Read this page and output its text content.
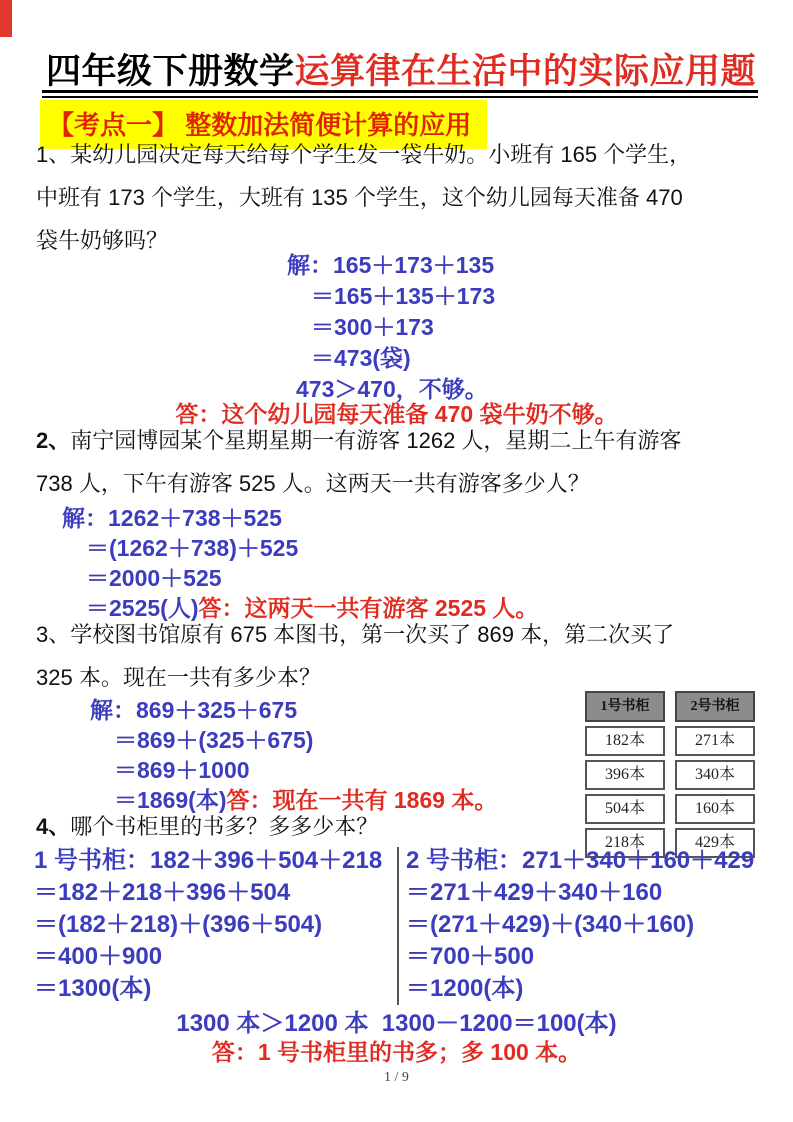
四年级下册数学运算律在生活中的实际应用题
【考点一】 整数加法简便计算的应用
1、某幼儿园决定每天给每个学生发一袋牛奶。小班有 165 个学生，
中班有 173 个学生，大班有 135 个学生，这个幼儿园每天准备 470
袋牛奶够吗？
解：165＋173＋135
＝165＋135＋173
＝300＋173
＝473(袋)
473＞470，不够。
答：这个幼儿园每天准备 470 袋牛奶不够。
2、南宁园博园某个星期星期一有游客 1262 人，星期二上午有游客
738 人，下午有游客 525 人。这两天一共有游客多少人？
解：1262＋738＋525
＝(1262＋738)＋525
＝2000＋525
＝2525(人)答：这两天一共有游客 2525 人。
3、学校图书馆原有 675 本图书，第一次买了 869 本，第二次买了
325 本。现在一共有多少本？
解：869＋325＋675
＝869＋(325＋675)
＝869＋1000
＝1869(本)答：现在一共有 1869 本。
1号书柜
182本
396本
504本
218本
2号书柜
271本
340本
160本
429本
4、哪个书柜里的书多？多多少本？
1 号书柜：182＋396＋504＋218
＝182＋218＋396＋504
＝(182＋218)＋(396＋504)
＝400＋900
＝1300(本)
2 号书柜：271＋340＋160＋429
＝271＋429＋340＋160
＝(271＋429)＋(340＋160)
＝700＋500
＝1200(本)
1300 本＞1200 本  1300－1200＝100(本)
答：1 号书柜里的书多；多 100 本。
1 / 9
